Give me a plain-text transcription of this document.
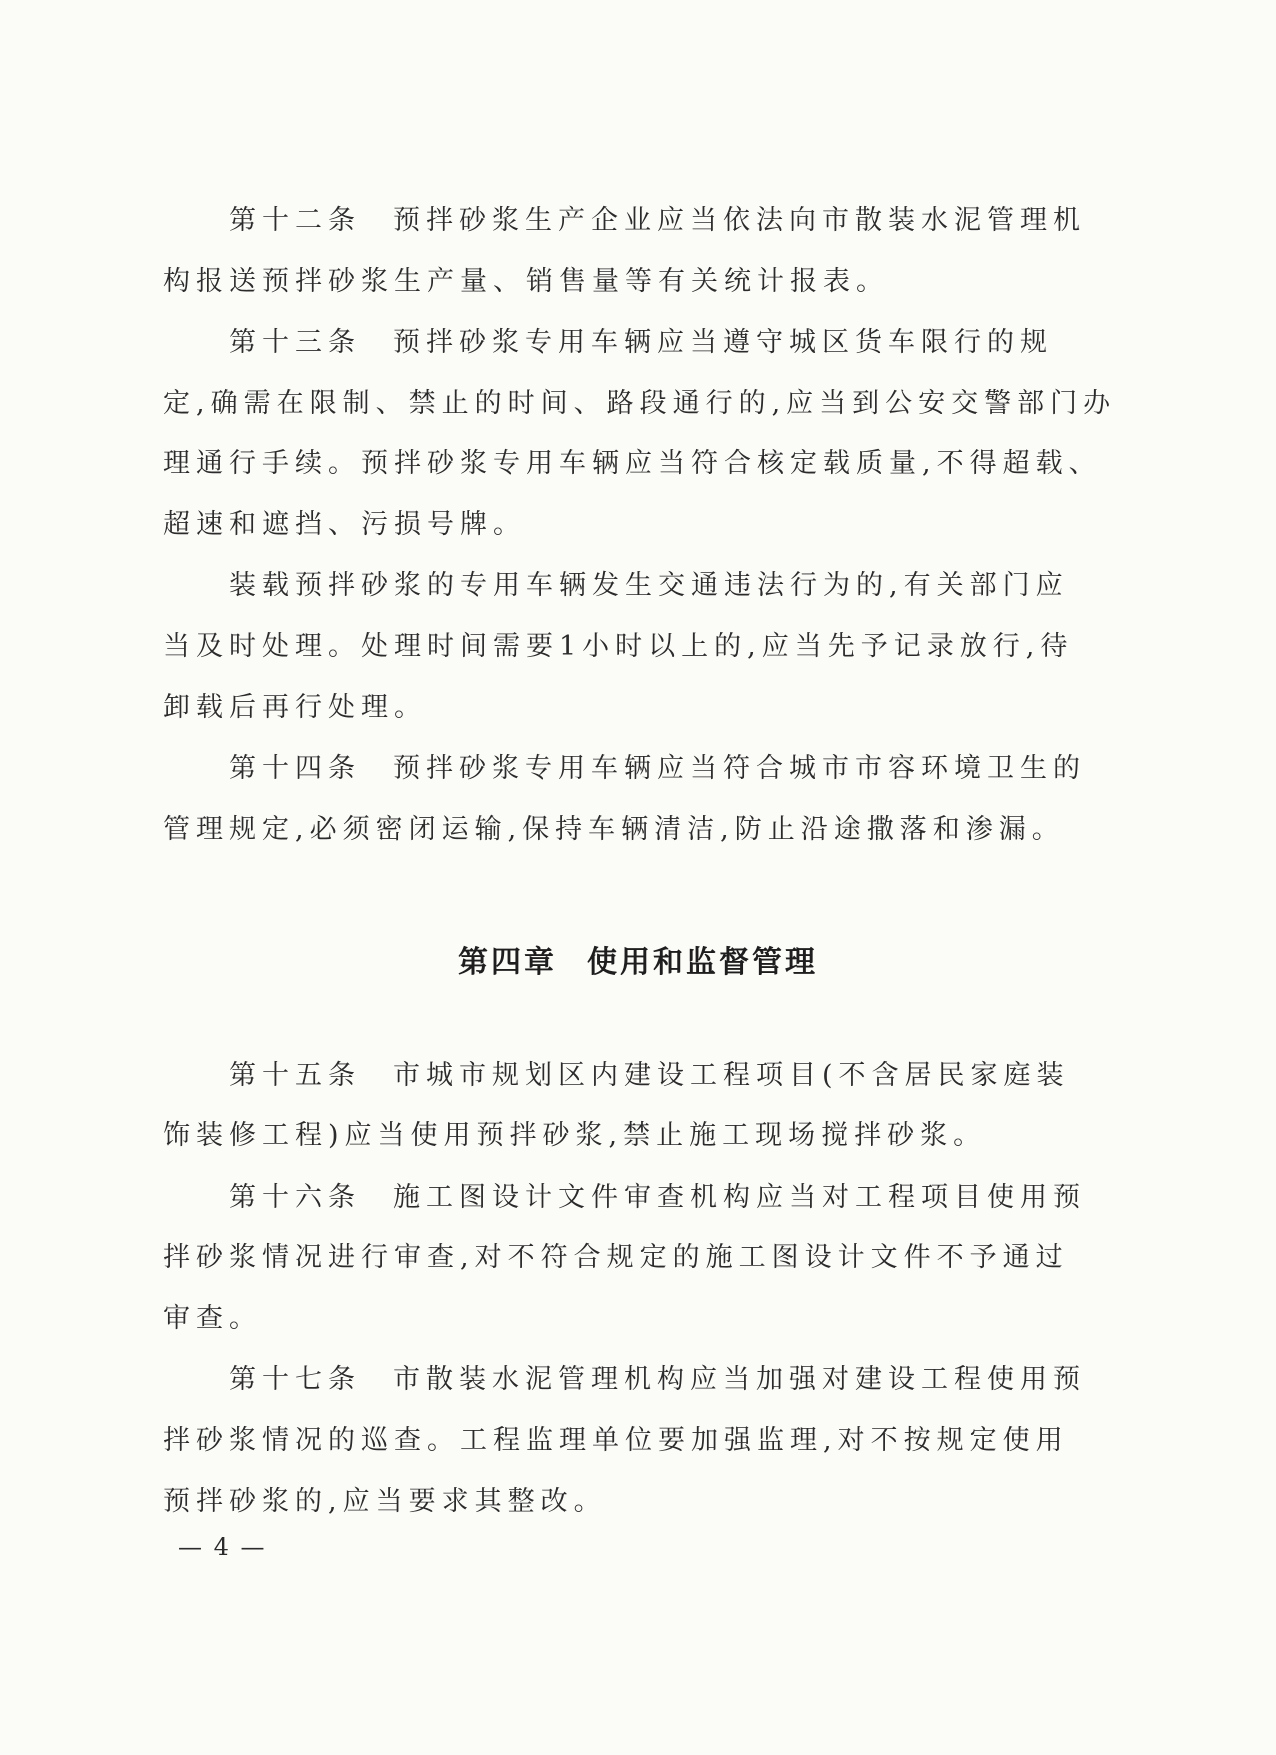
第十二条 预拌砂浆生产企业应当依法向市散装水泥管理机
构报送预拌砂浆生产量、销售量等有关统计报表。
第十三条 预拌砂浆专用车辆应当遵守城区货车限行的规
定,确需在限制、禁止的时间、路段通行的,应当到公安交警部门办
理通行手续。预拌砂浆专用车辆应当符合核定载质量,不得超载、
超速和遮挡、污损号牌。
装载预拌砂浆的专用车辆发生交通违法行为的,有关部门应
当及时处理。处理时间需要1小时以上的,应当先予记录放行,待
卸载后再行处理。
第十四条 预拌砂浆专用车辆应当符合城市市容环境卫生的
管理规定,必须密闭运输,保持车辆清洁,防止沿途撒落和渗漏。
第十五条 市城市规划区内建设工程项目(不含居民家庭装
饰装修工程)应当使用预拌砂浆,禁止施工现场搅拌砂浆。
第十六条 施工图设计文件审查机构应当对工程项目使用预
拌砂浆情况进行审查,对不符合规定的施工图设计文件不予通过
审查。
第十七条 市散装水泥管理机构应当加强对建设工程使用预
拌砂浆情况的巡查。工程监理单位要加强监理,对不按规定使用
预拌砂浆的,应当要求其整改。
第四章 使用和监督管理
— 4 —
